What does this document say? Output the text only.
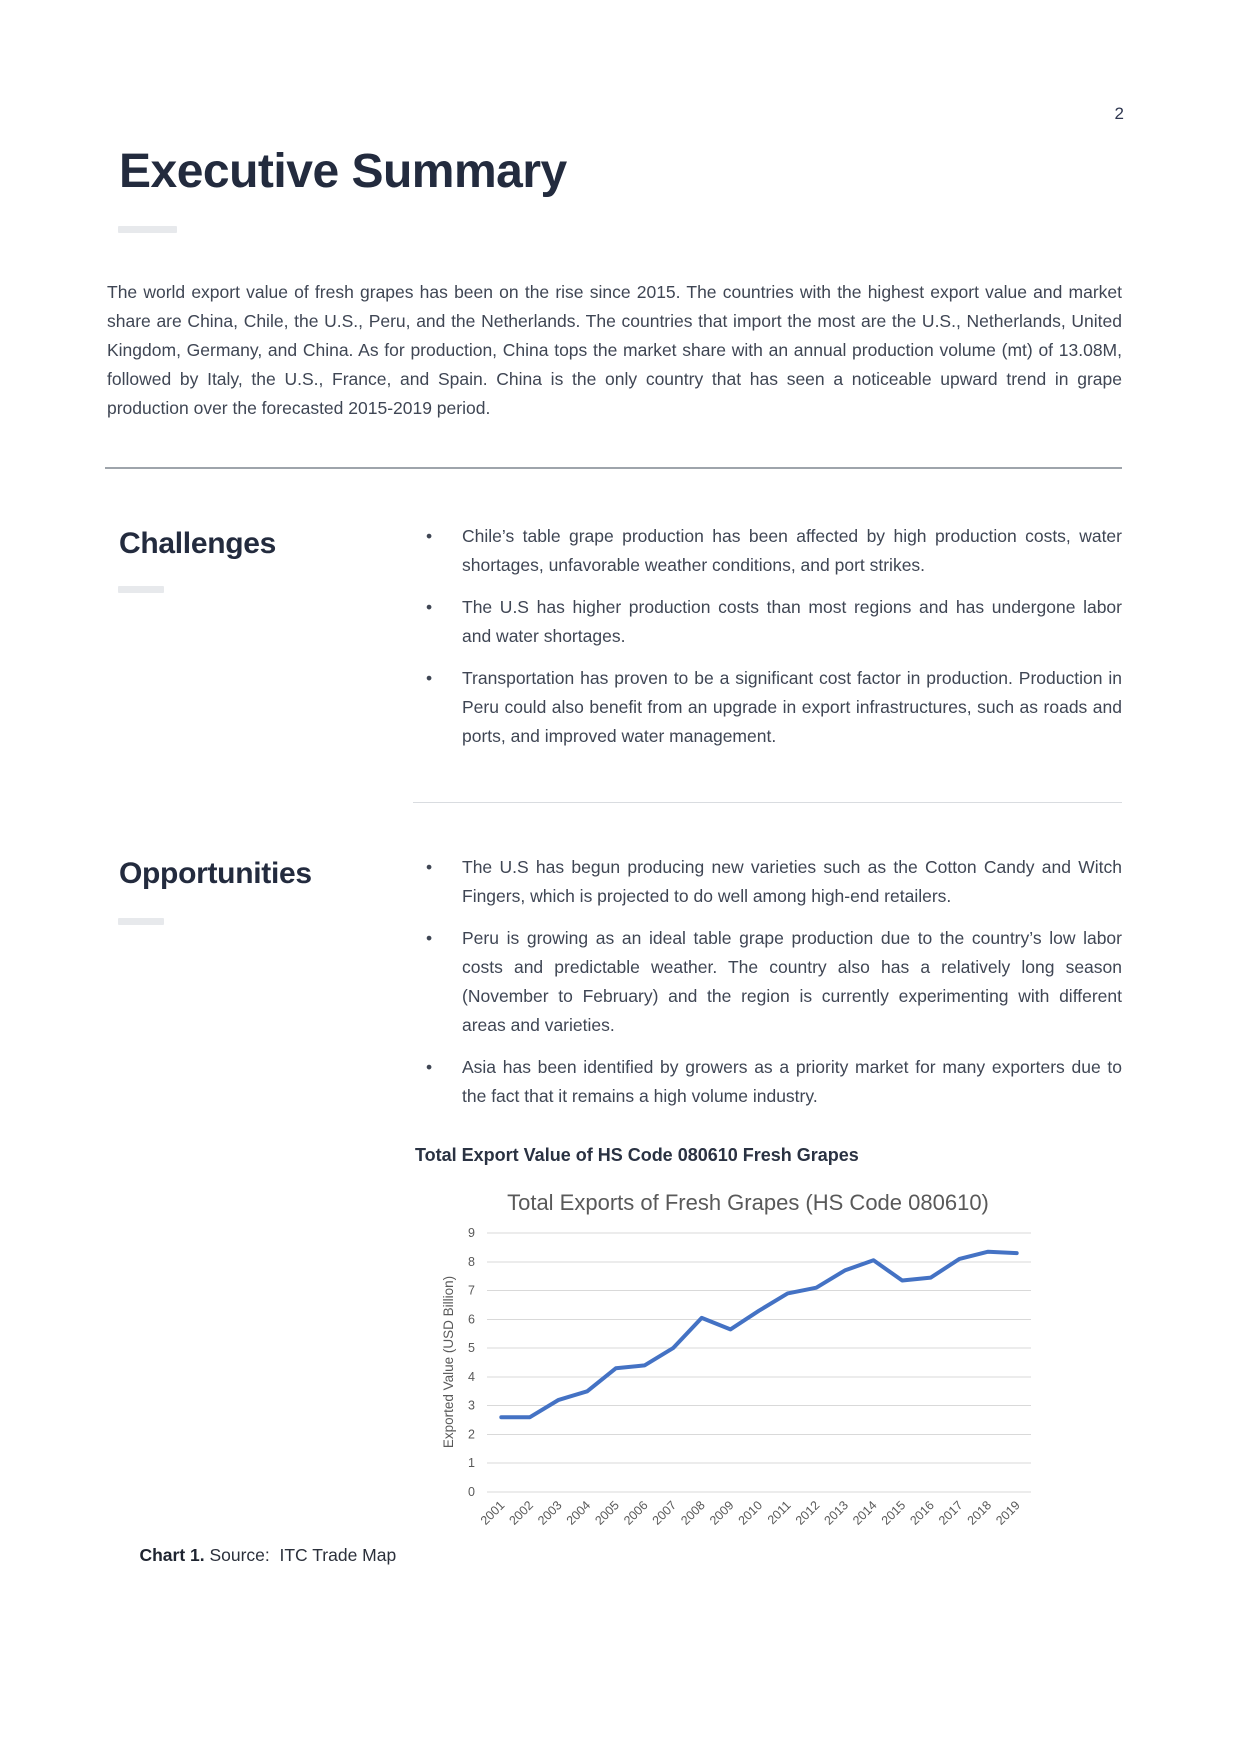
2
Executive Summary

The world export value of fresh grapes has been on the rise since 2015. The countries with the highest export value and market share are China, Chile, the U.S., Peru, and the Netherlands. The countries that import the most are the U.S., Netherlands, United Kingdom, Germany, and China. As for production, China tops the market share with an annual production volume (mt) of 13.08M, followed by Italy, the U.S., France, and Spain. China is the only country that has seen a noticeable upward trend in grape production over the forecasted 2015-2019 period.

Challenges	• Chile’s table grape production has been affected by high production costs, water shortages, unfavorable weather conditions, and port strikes.
• The U.S has higher production costs than most regions and has undergone labor and water shortages.
• Transportation has proven to be a significant cost factor in production. Production in Peru could also benefit from an upgrade in export infrastructures, such as roads and ports, and improved water management.
Opportunities	• The U.S has begun producing new varieties such as the Cotton Candy and Witch Fingers, which is projected to do well among high-end retailers.
• Peru is growing as an ideal table grape production due to the country’s low labor costs and predictable weather. The country also has a relatively long season (November to February) and the region is currently experimenting with different areas and varieties.
• Asia has been identified by growers as a priority market for many exporters due to the fact that it remains a high volume industry.
Total Export Value of HS Code 080610 Fresh Grapes
Total Exports of Fresh Grapes (HS Code 080610)
Exported Value (USD Billion)
0
1
2
3
4
5
6
7
8
9
2001 2002 2003 2004 2005 2006 2007 2008 2009 2010 2011 2012 2013 2014 2015 2016 2017 2018 2019

Chart 1. Source:  ITC Trade Map
